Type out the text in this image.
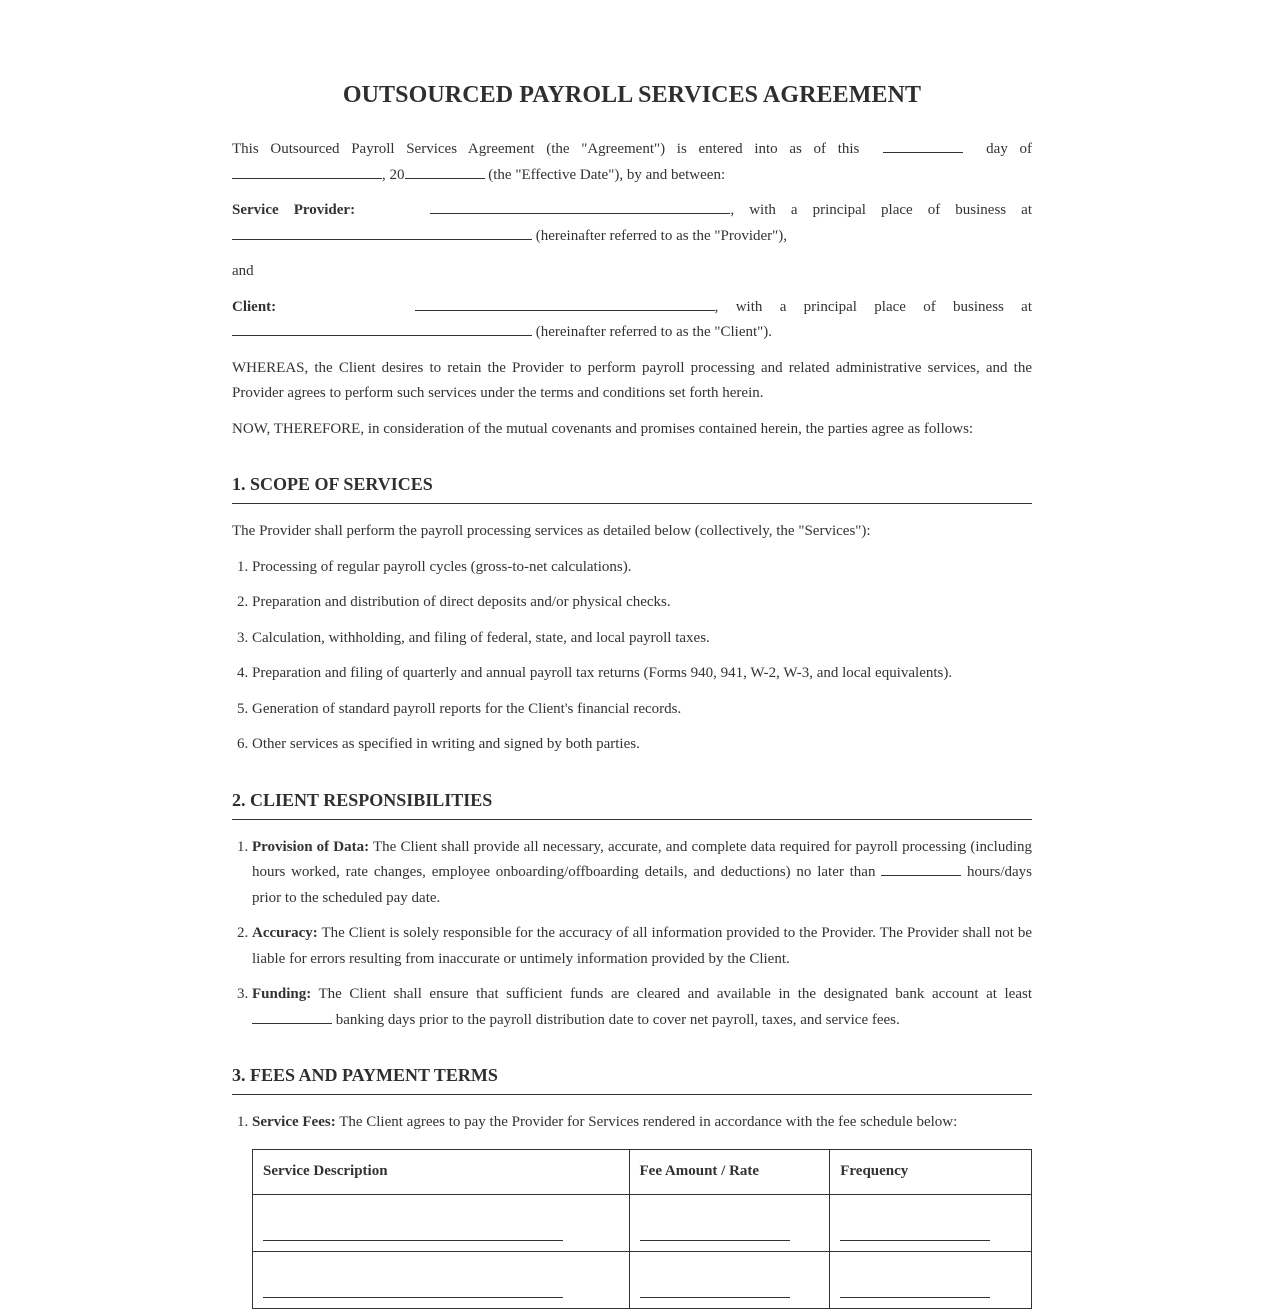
OUTSOURCED PAYROLL SERVICES AGREEMENT

This Outsourced Payroll Services Agreement (the "Agreement") is entered into as of this	day of , 20	(the "Effective Date"), by and between:

Service Provider:	, with a principal place of business at  (hereinafter referred to as the "Provider"),

and

Client:	, with a principal place of business at  (hereinafter referred to as the "Client").

WHEREAS, the Client desires to retain the Provider to perform payroll processing and related administrative services, and the Provider agrees to perform such services under the terms and conditions set forth herein.

NOW, THEREFORE, in consideration of the mutual covenants and promises contained herein, the parties agree as follows:

1. SCOPE OF SERVICES

The Provider shall perform the payroll processing services as detailed below (collectively, the "Services"):

1. Processing of regular payroll cycles (gross-to-net calculations).
2. Preparation and distribution of direct deposits and/or physical checks.
3. Calculation, withholding, and filing of federal, state, and local payroll taxes.
4. Preparation and filing of quarterly and annual payroll tax returns (Forms 940, 941, W-2, W-3, and local equivalents).
5. Generation of standard payroll reports for the Client's financial records.
6. Other services as specified in writing and signed by both parties.
2. CLIENT RESPONSIBILITIES
1. Provision of Data: The Client shall provide all necessary, accurate, and complete data required for payroll processing (including hours worked, rate changes, employee onboarding/offboarding details, and deductions) no later than	hours/days prior to the scheduled pay date.
2. Accuracy: The Client is solely responsible for the accuracy of all information provided to the Provider. The Provider shall not be liable for errors resulting from inaccurate or untimely information provided by the Client.
3. Funding: The Client shall ensure that sufficient funds are cleared and available in the designated bank account at least  banking days prior to the payroll distribution date to cover net payroll, taxes, and service fees.
3. FEES AND PAYMENT TERMS
1. Service Fees: The Client agrees to pay the Provider for Services rendered in accordance with the fee schedule below:
Service Description	Fee Amount / Rate	Frequency
